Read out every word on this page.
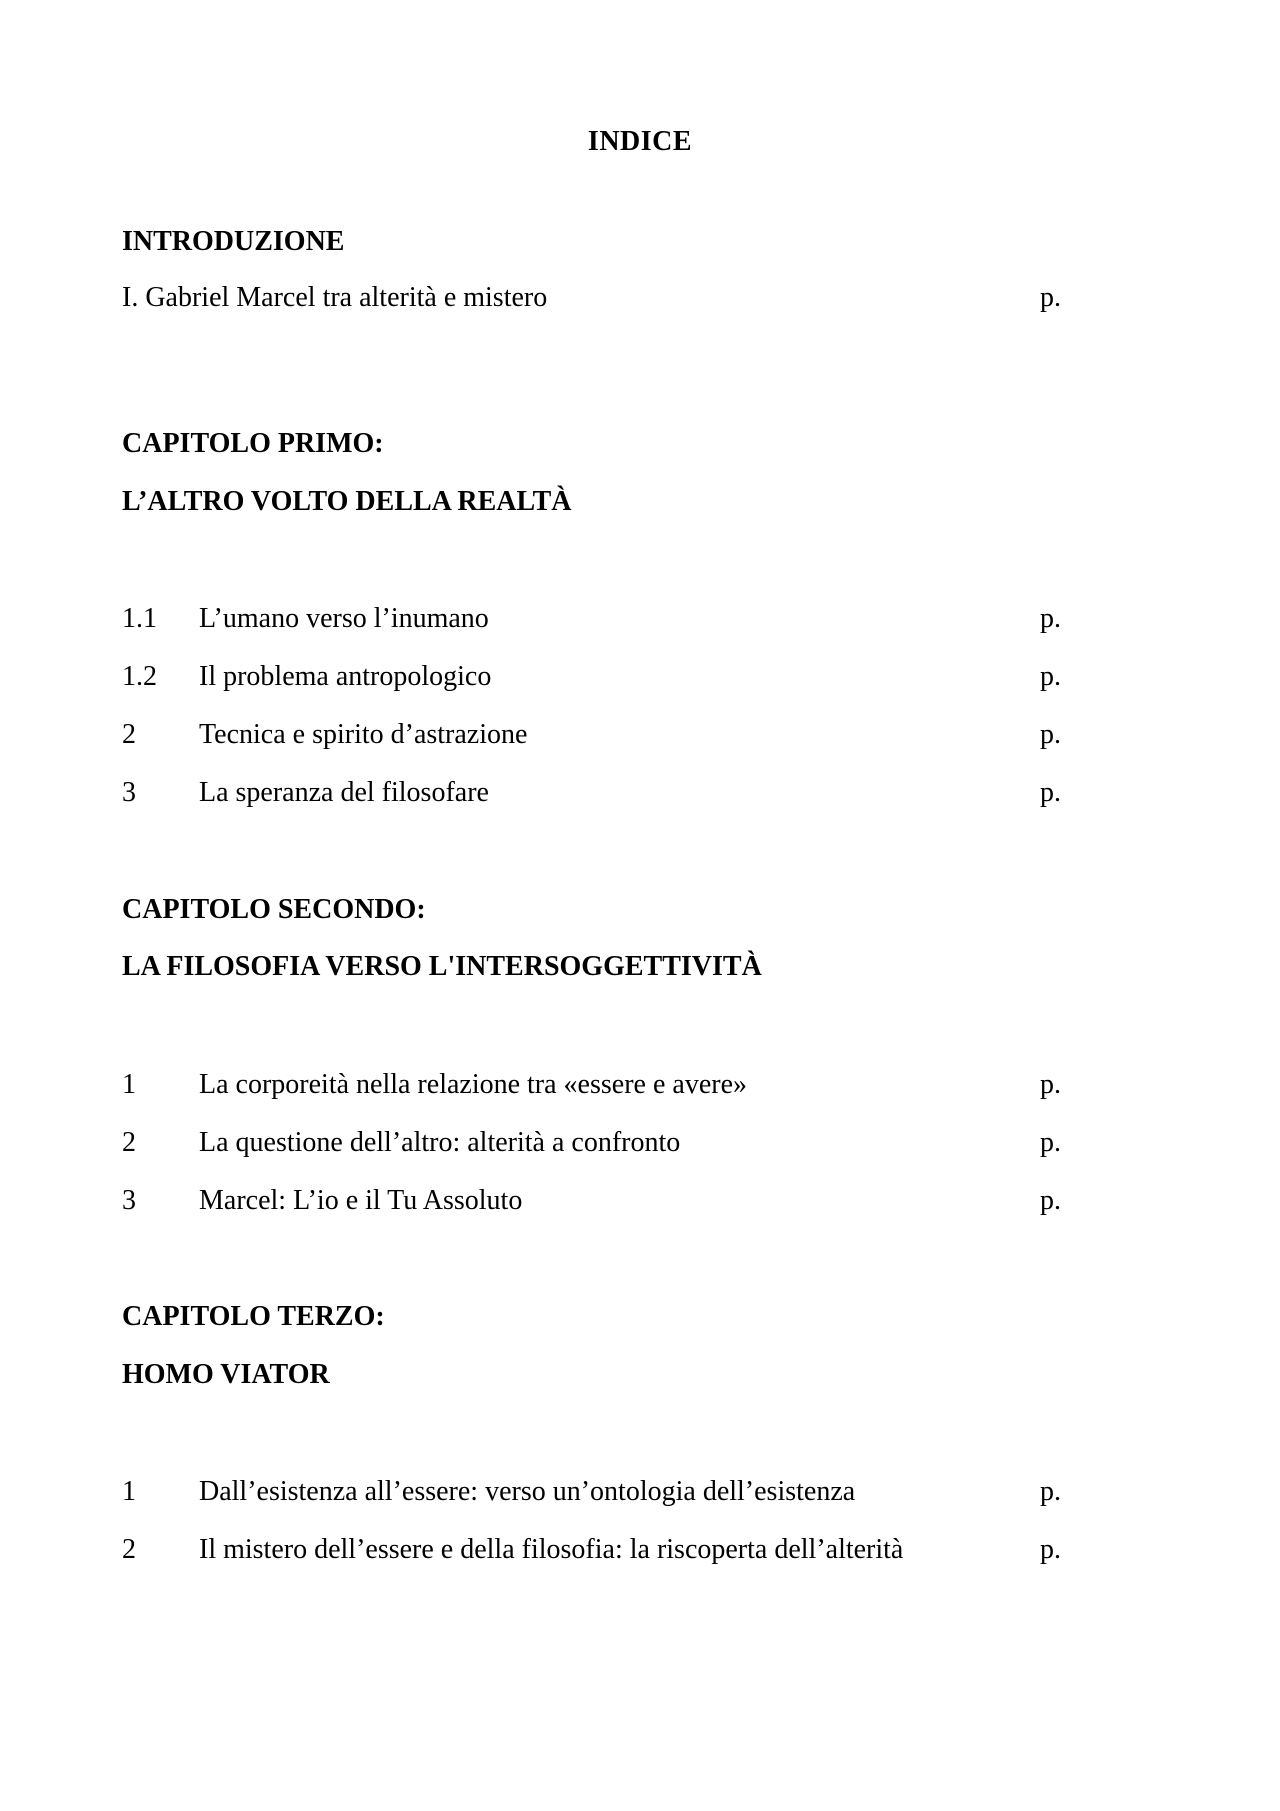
INDICE
INTRODUZIONE
I. Gabriel Marcel tra alterità e mistero	p.
CAPITOLO PRIMO:
L’ALTRO VOLTO DELLA REALTÀ
1.1 L’umano verso l’inumano	p.
1.2 Il problema antropologico	p.
2 Tecnica e spirito d’astrazione	p.
3 La speranza del filosofare	p.
CAPITOLO SECONDO:
LA FILOSOFIA VERSO L'INTERSOGGETTIVITÀ
1 La corporeità nella relazione tra «essere e avere»	p.
2 La questione dell’altro: alterità a confronto	p.
3 Marcel: L’io e il Tu Assoluto	p.
CAPITOLO TERZO:
HOMO VIATOR
1 Dall’esistenza all’essere: verso un’ontologia dell’esistenza	p.
2 Il mistero dell’essere e della filosofia: la riscoperta dell’alterità	p.
